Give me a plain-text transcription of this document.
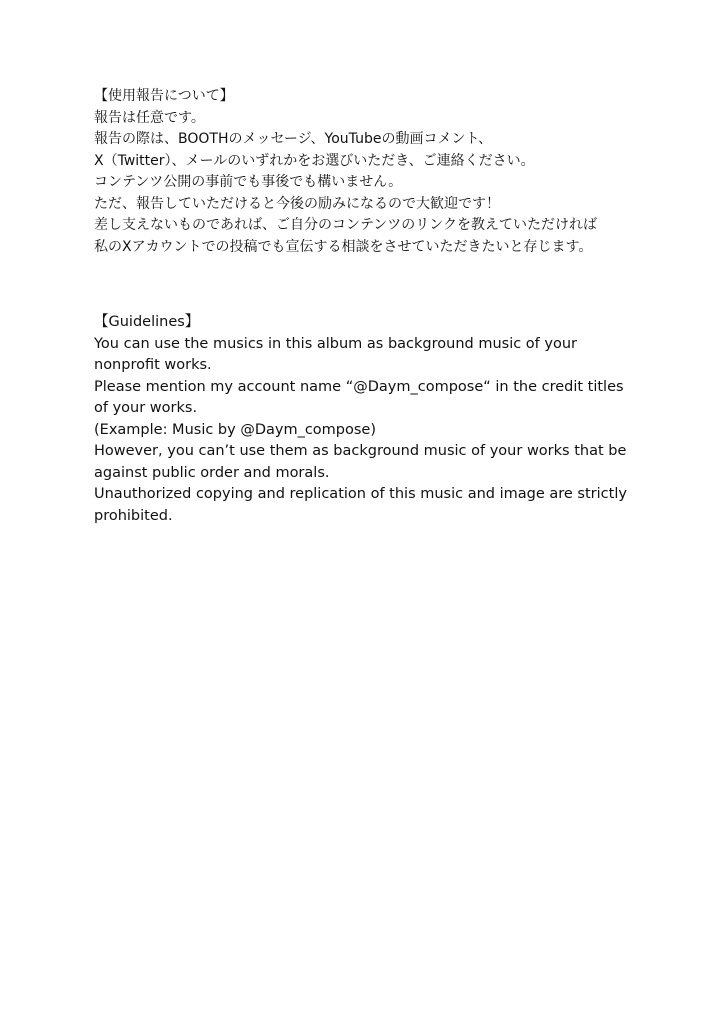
【使用報告について】

報告は任意です。

報告の際は、BOOTHのメッセージ、YouTubeの動画コメント、

X（Twitter）、メールのいずれかをお選びいただき、ご連絡ください。

コンテンツ公開の事前でも事後でも構いません。

ただ、報告していただけると今後の励みになるので大歓迎です！

差し支えないものであれば、ご自分のコンテンツのリンクを教えていただければ

私のXアカウントでの投稿でも宣伝する相談をさせていただきたいと存じます。

【Guidelines】

You can use the musics in this album as background music of your nonprofit works.

Please mention my account name “@Daym_compose“ in the credit titles of your works.

(Example: Music by @Daym_compose)

However, you can’t use them as background music of your works that be against public order and morals.

Unauthorized copying and replication of this music and image are strictly prohibited.
